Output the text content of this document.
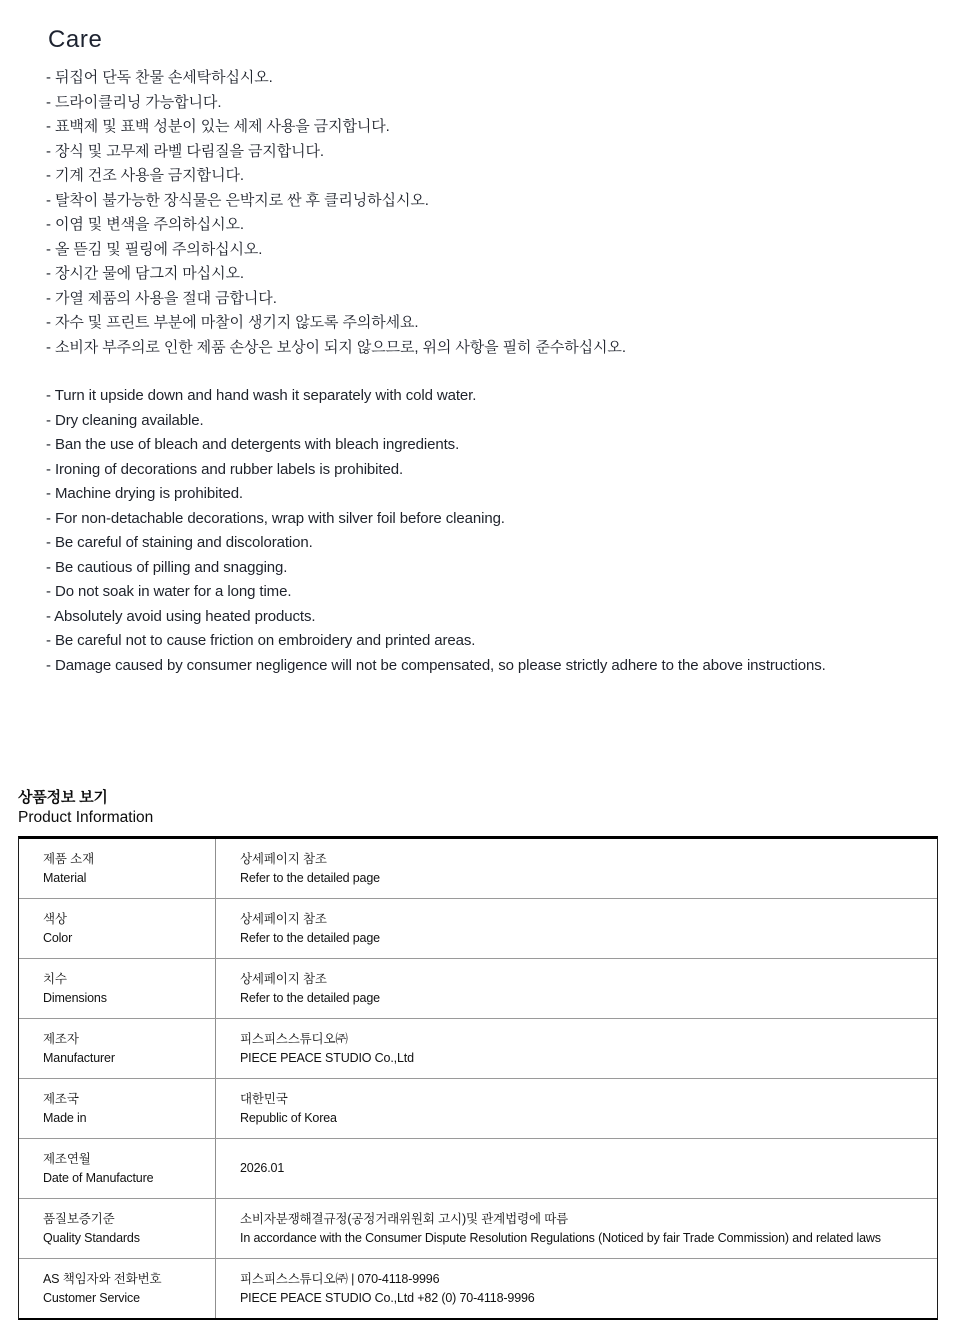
Care
- 뒤집어 단독 찬물 손세탁하십시오.
- 드라이클리닝 가능합니다.
- 표백제 및 표백 성분이 있는 세제 사용을 금지합니다.
- 장식 및 고무제 라벨 다림질을 금지합니다.
- 기계 건조 사용을 금지합니다.
- 탈착이 불가능한 장식물은 은박지로 싼 후 클리닝하십시오.
- 이염 및 변색을 주의하십시오.
- 올 뜯김 및 필링에 주의하십시오.
- 장시간 물에 담그지 마십시오.
- 가열 제품의 사용을 절대 금합니다.
- 자수 및 프린트 부분에 마찰이 생기지 않도록 주의하세요.
- 소비자 부주의로 인한 제품 손상은 보상이 되지 않으므로, 위의 사항을 필히 준수하십시오.
- Turn it upside down and hand wash it separately with cold water.
- Dry cleaning available.
- Ban the use of bleach and detergents with bleach ingredients.
- Ironing of decorations and rubber labels is prohibited.
- Machine drying is prohibited.
- For non-detachable decorations, wrap with silver foil before cleaning.
- Be careful of staining and discoloration.
- Be cautious of pilling and snagging.
- Do not soak in water for a long time.
- Absolutely avoid using heated products.
- Be careful not to cause friction on embroidery and printed areas.
- Damage caused by consumer negligence will not be compensated, so please strictly adhere to the above instructions.
상품정보 보기
Product Information
제품 소재
Material
상세페이지 참조
Refer to the detailed page
색상
Color
상세페이지 참조
Refer to the detailed page
치수
Dimensions
상세페이지 참조
Refer to the detailed page
제조자
Manufacturer
피스피스스튜디오㈜
PIECE PEACE STUDIO Co.,Ltd
제조국
Made in
대한민국
Republic of Korea
제조연월
Date of Manufacture
2026.01
품질보증기준
Quality Standards
소비자분쟁해결규정(공정거래위원회 고시)및 관계법령에 따름
In accordance with the Consumer Dispute Resolution Regulations (Noticed by fair Trade Commission) and related laws
AS 책임자와 전화번호
Customer Service
피스피스스튜디오㈜ | 070-4118-9996
PIECE PEACE STUDIO Co.,Ltd +82 (0) 70-4118-9996
